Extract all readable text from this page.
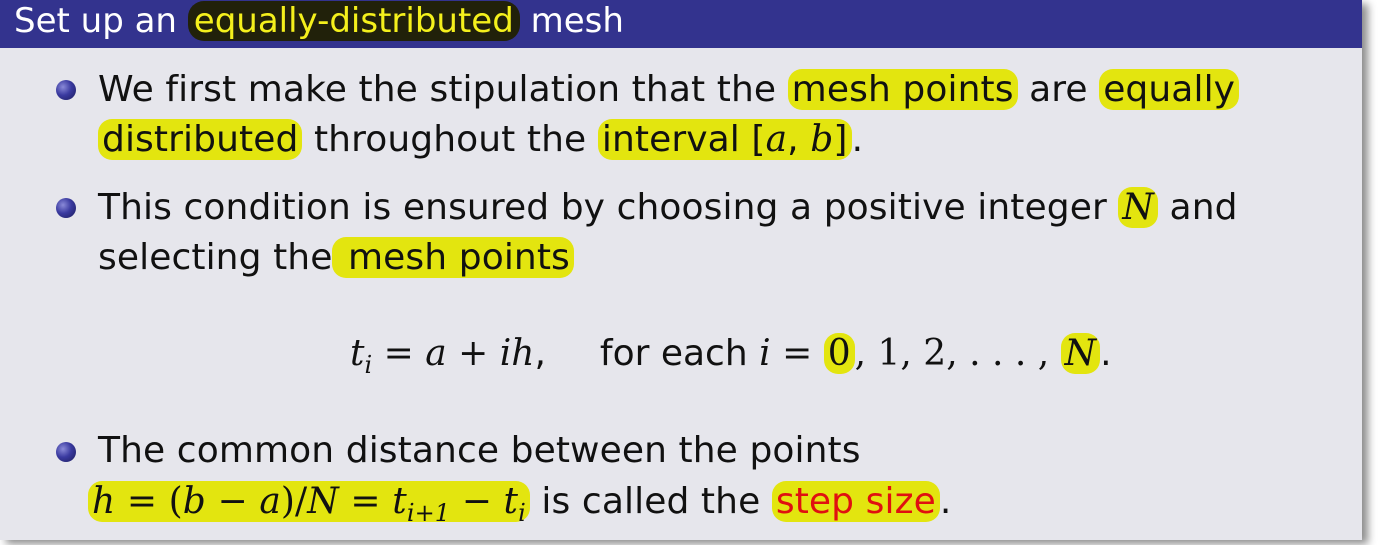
Set up an equally-distributed mesh
We first make the stipulation that the mesh points are equally
distributed throughout the interval [a, b] .
This condition is ensured by choosing a positive integer N and
selecting the mesh points
$t_i = a$ + ih, for each i = 0 , 1, 2, . . . , N .
The common distance between the points
$h = (b - a)/N = t_{i+1} - t_i$ is called the step size .
